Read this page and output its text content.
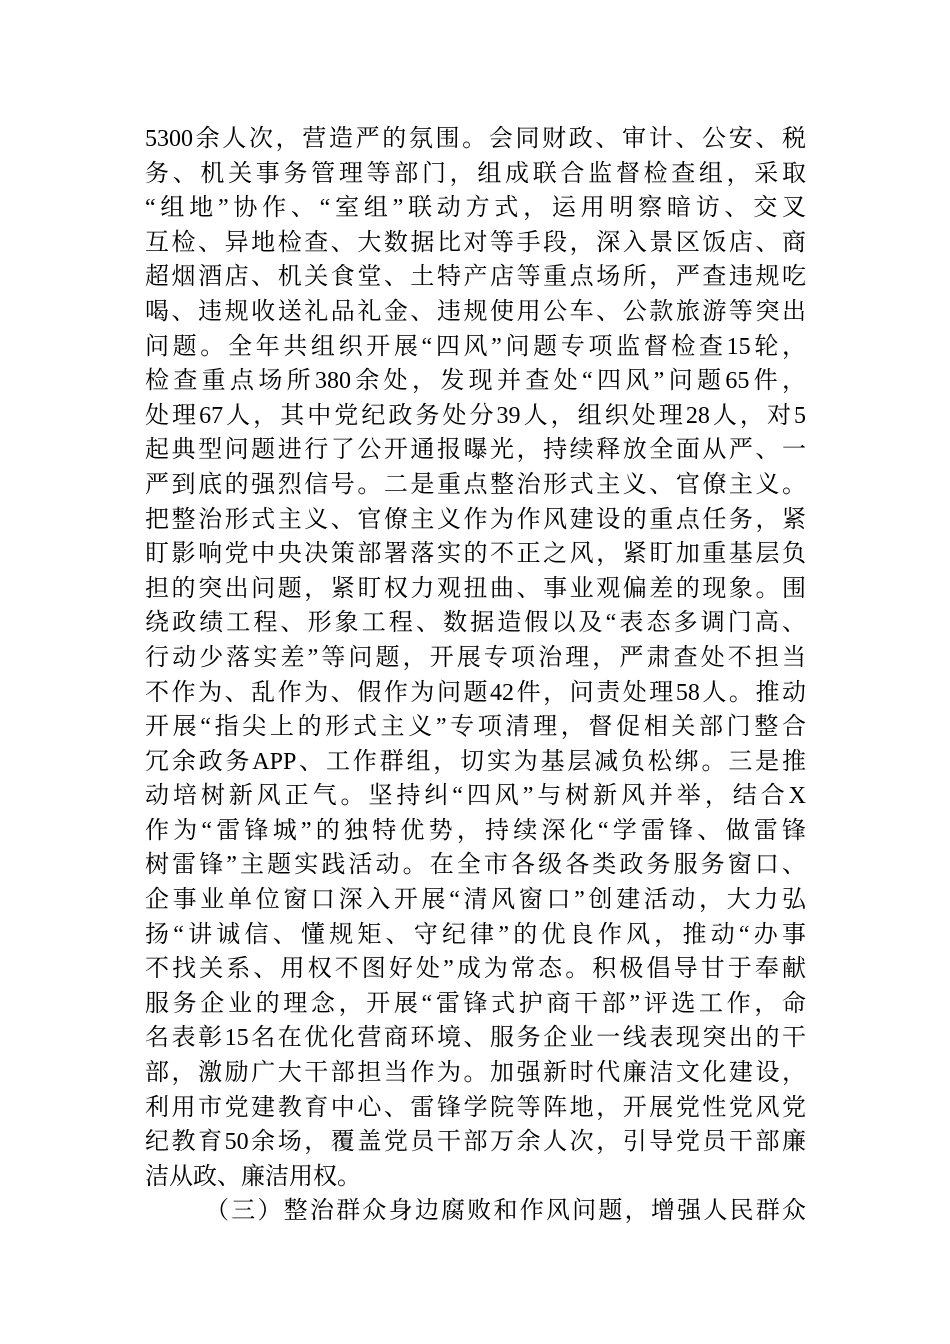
5300余人次，营造严的氛围。会同财政、审计、公安、税
务、机关事务管理等部门，组成联合监督检查组，采取
“组地”协作、“室组”联动方式，运用明察暗访、交叉
互检、异地检查、大数据比对等手段，深入景区饭店、商
超烟酒店、机关食堂、土特产店等重点场所，严查违规吃
喝、违规收送礼品礼金、违规使用公车、公款旅游等突出
问题。全年共组织开展“四风”问题专项监督检查15轮，
检查重点场所380余处，发现并查处“四风”问题65件，
处理67人，其中党纪政务处分39人，组织处理28人，对5
起典型问题进行了公开通报曝光，持续释放全面从严、一
严到底的强烈信号。二是重点整治形式主义、官僚主义。
把整治形式主义、官僚主义作为作风建设的重点任务，紧
盯影响党中央决策部署落实的不正之风，紧盯加重基层负
担的突出问题，紧盯权力观扭曲、事业观偏差的现象。围
绕政绩工程、形象工程、数据造假以及“表态多调门高、
行动少落实差”等问题，开展专项治理，严肃查处不担当
不作为、乱作为、假作为问题42件，问责处理58人。推动
开展“指尖上的形式主义”专项清理，督促相关部门整合
冗余政务APP、工作群组，切实为基层减负松绑。三是推
动培树新风正气。坚持纠“四风”与树新风并举，结合X
作为“雷锋城”的独特优势，持续深化“学雷锋、做雷锋
树雷锋”主题实践活动。在全市各级各类政务服务窗口、
企事业单位窗口深入开展“清风窗口”创建活动，大力弘
扬“讲诚信、懂规矩、守纪律”的优良作风，推动“办事
不找关系、用权不图好处”成为常态。积极倡导甘于奉献
服务企业的理念，开展“雷锋式护商干部”评选工作，命
名表彰15名在优化营商环境、服务企业一线表现突出的干
部，激励广大干部担当作为。加强新时代廉洁文化建设，
利用市党建教育中心、雷锋学院等阵地，开展党性党风党
纪教育50余场，覆盖党员干部万余人次，引导党员干部廉
洁从政、廉洁用权。
（三）整治群众身边腐败和作风问题，增强人民群众
